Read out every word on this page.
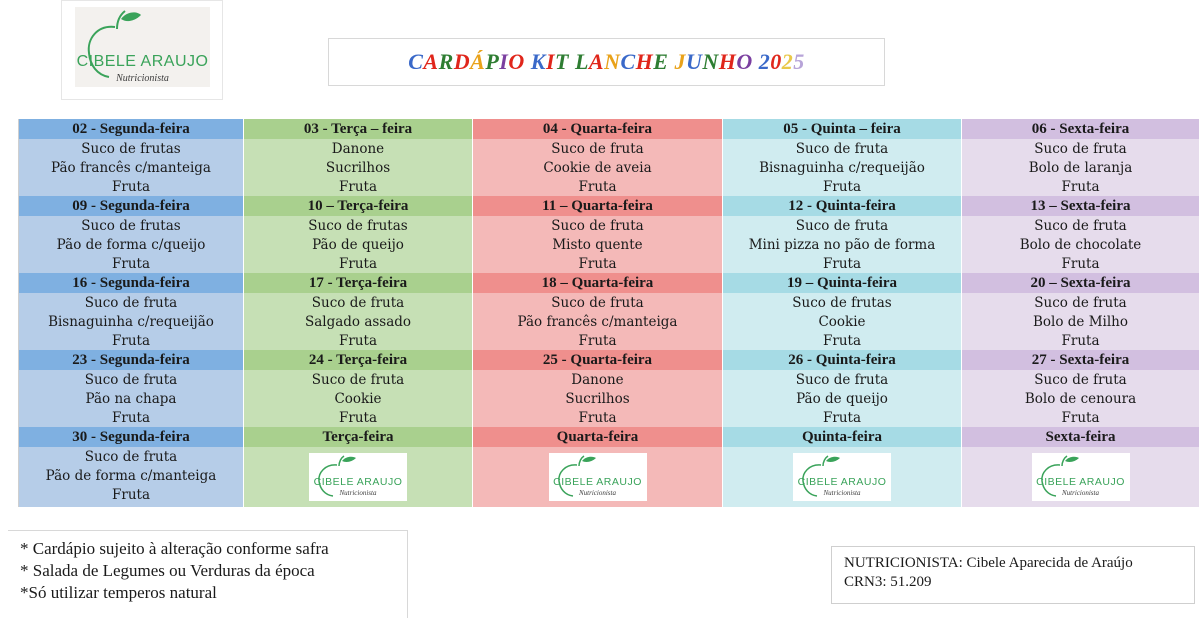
CIBELE ARAUJO
Nutricionista
CARDÁPIO KIT LANCHE JUNHO 2025
02 - Segunda-feira
Suco de frutas
Pão francês c/manteiga
Fruta
09 - Segunda-feira
Suco de frutas
Pão de forma c/queijo
Fruta
16 - Segunda-feira
Suco de fruta
Bisnaguinha c/requeijão
Fruta
23 - Segunda-feira
Suco de fruta
Pão na chapa
Fruta
30 - Segunda-feira
Suco de fruta
Pão de forma c/manteiga
Fruta
03 - Terça – feira
Danone
Sucrilhos
Fruta
10 – Terça-feira
Suco de frutas
Pão de queijo
Fruta
17 - Terça-feira
Suco de fruta
Salgado assado
Fruta
24 - Terça-feira
Suco de fruta
Cookie
Fruta
Terça-feira
CIBELE ARAUJO
Nutricionista
04 - Quarta-feira
Suco de fruta
Cookie de aveia
Fruta
11 – Quarta-feira
Suco de fruta
Misto quente
Fruta
18 – Quarta-feira
Suco de fruta
Pão francês c/manteiga
Fruta
25 - Quarta-feira
Danone
Sucrilhos
Fruta
Quarta-feira
CIBELE ARAUJO
Nutricionista
05 - Quinta – feira
Suco de fruta
Bisnaguinha c/requeijão
Fruta
12 - Quinta-feira
Suco de fruta
Mini pizza no pão de forma
Fruta
19 – Quinta-feira
Suco de frutas
Cookie
Fruta
26 - Quinta-feira
Suco de fruta
Pão de queijo
Fruta
Quinta-feira
CIBELE ARAUJO
Nutricionista
06 - Sexta-feira
Suco de fruta
Bolo de laranja
Fruta
13 – Sexta-feira
Suco de fruta
Bolo de chocolate
Fruta
20 – Sexta-feira
Suco de fruta
Bolo de Milho
Fruta
27 - Sexta-feira
Suco de fruta
Bolo de cenoura
Fruta
Sexta-feira
CIBELE ARAUJO
Nutricionista
* Cardápio sujeito à alteração conforme safra
* Salada de Legumes ou Verduras da época
*Só utilizar temperos natural
NUTRICIONISTA: Cibele Aparecida de Araújo
CRN3: 51.209
